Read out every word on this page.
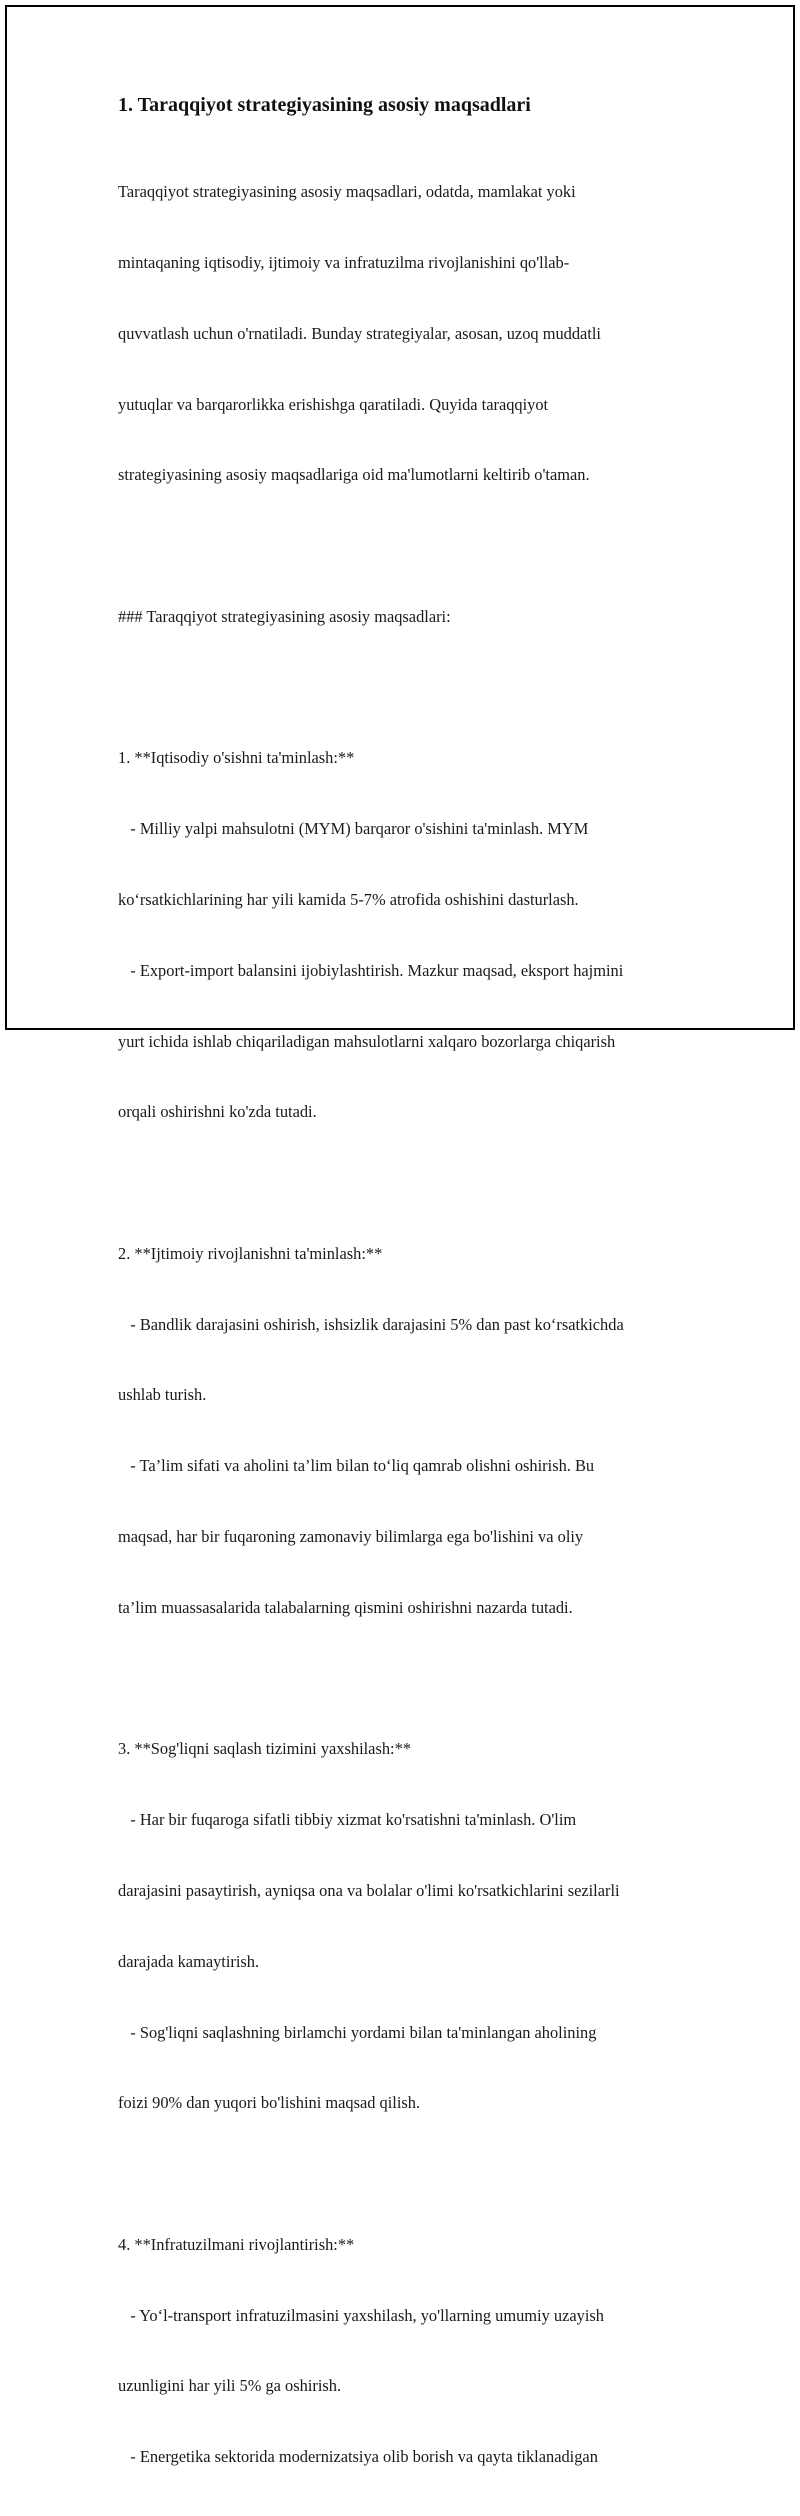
1. Taraqqiyot strategiyasining asosiy maqsadlari

Taraqqiyot strategiyasining asosiy maqsadlari, odatda, mamlakat yoki

mintaqaning iqtisodiy, ijtimoiy va infratuzilma rivojlanishini qo'llab-

quvvatlash uchun o'rnatiladi. Bunday strategiyalar, asosan, uzoq muddatli

yutuqlar va barqarorlikka erishishga qaratiladi. Quyida taraqqiyot

strategiyasining asosiy maqsadlariga oid ma'lumotlarni keltirib o'taman.

### Taraqqiyot strategiyasining asosiy maqsadlari:

1. **Iqtisodiy o'sishni ta'minlash:**

- Milliy yalpi mahsulotni (MYM) barqaror o'sishini ta'minlash. MYM

ko‘rsatkichlarining har yili kamida 5-7% atrofida oshishini dasturlash.

- Export-import balansini ijobiylashtirish. Mazkur maqsad, eksport hajmini

yurt ichida ishlab chiqariladigan mahsulotlarni xalqaro bozorlarga chiqarish

orqali oshirishni ko'zda tutadi.

2. **Ijtimoiy rivojlanishni ta'minlash:**

- Bandlik darajasini oshirish, ishsizlik darajasini 5% dan past ko‘rsatkichda

ushlab turish.

- Ta’lim sifati va aholini ta’lim bilan to‘liq qamrab olishni oshirish. Bu

maqsad, har bir fuqaroning zamonaviy bilimlarga ega bo'lishini va oliy

ta’lim muassasalarida talabalarning qismini oshirishni nazarda tutadi.

3. **Sog'liqni saqlash tizimini yaxshilash:**

- Har bir fuqaroga sifatli tibbiy xizmat ko'rsatishni ta'minlash. O'lim

darajasini pasaytirish, ayniqsa ona va bolalar o'limi ko'rsatkichlarini sezilarli

darajada kamaytirish.

- Sog'liqni saqlashning birlamchi yordami bilan ta'minlangan aholining

foizi 90% dan yuqori bo'lishini maqsad qilish.

4. **Infratuzilmani rivojlantirish:**

- Yo‘l-transport infratuzilmasini yaxshilash, yo'llarning umumiy uzayish

uzunligini har yili 5% ga oshirish.

- Energetika sektorida modernizatsiya olib borish va qayta tiklanadigan
